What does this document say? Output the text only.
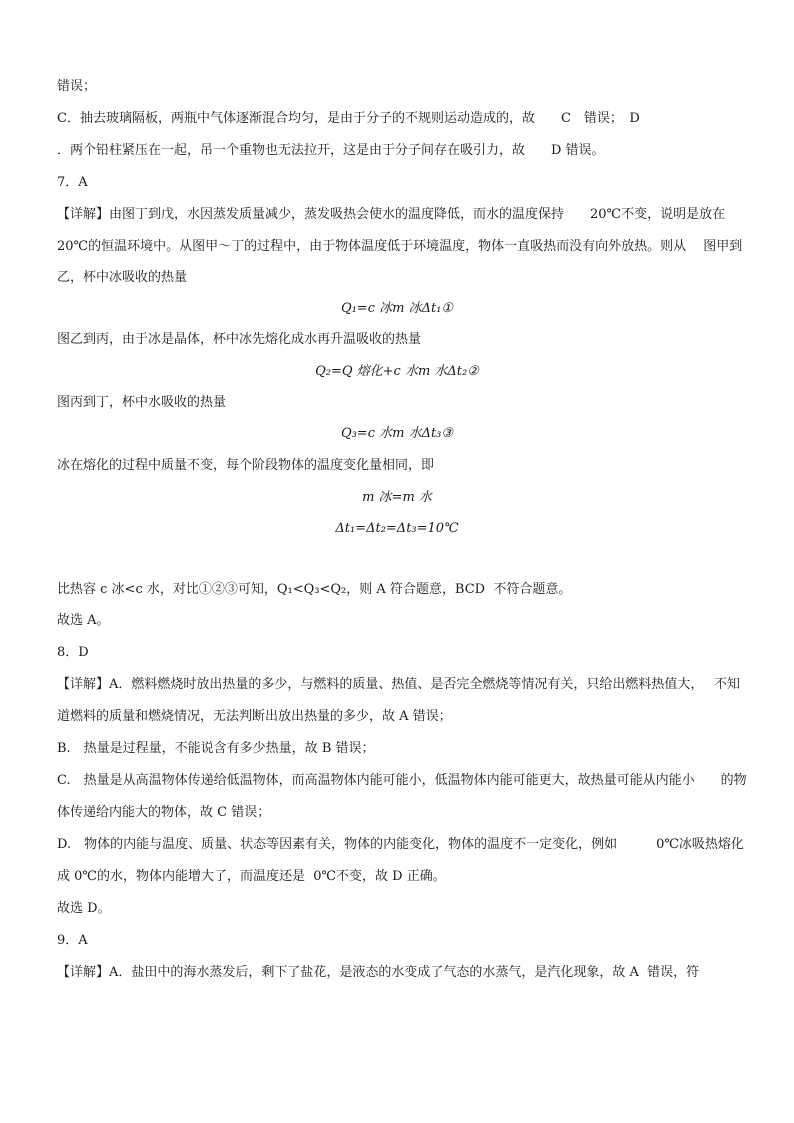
错误；
C．抽去玻璃隔板，两瓶中气体逐渐混合均匀，是由于分子的不规则运动造成的，故　　C　错误；　D
．两个铅柱紧压在一起，吊一个重物也无法拉开，这是由于分子间存在吸引力，故　　D 错误。
7．A
【详解】由图丁到戊，水因蒸发质量减少，蒸发吸热会使水的温度降低，而水的温度保持　　20℃不变，说明是放在
20℃的恒温环境中。从图甲～丁的过程中，由于物体温度低于环境温度，物体一直吸热而没有向外放热。则从　 图甲到
乙，杯中冰吸收的热量
Q₁=c 冰m 冰Δt₁①
图乙到丙，由于冰是晶体，杯中冰先熔化成水再升温吸收的热量
Q₂=Q 熔化+c 水m 水Δt₂②
图丙到丁，杯中水吸收的热量
Q₃=c 水m 水Δt₃③
冰在熔化的过程中质量不变，每个阶段物体的温度变化量相同，即
m 冰=m 水
Δt₁=Δt₂=Δt₃=10℃
比热容 c 冰<c 水，对比①②③可知，Q₁<Q₃<Q₂，则 A 符合题意，BCD  不符合题意。
故选 A。
8．D
【详解】A．燃料燃烧时放出热量的多少，与燃料的质量、热值、是否完全燃烧等情况有关，只给出燃料热值大，　 不知
道燃料的质量和燃烧情况，无法判断出放出热量的多少，故 A 错误；
B.　热量是过程量，不能说含有多少热量，故 B 错误；
C.　热量是从高温物体传递给低温物体，而高温物体内能可能小，低温物体内能可能更大，故热量可能从内能小　　的物
体传递给内能大的物体，故 C 错误；
D.　物体的内能与温度、质量、状态等因素有关，物体的内能变化，物体的温度不一定变化，例如　　　0℃冰吸热熔化
成 0℃的水，物体内能增大了，而温度还是  0℃不变，故 D 正确。
故选 D。
9．A
【详解】A．盐田中的海水蒸发后，剩下了盐花，是液态的水变成了气态的水蒸气，是汽化现象，故 A  错误，符
